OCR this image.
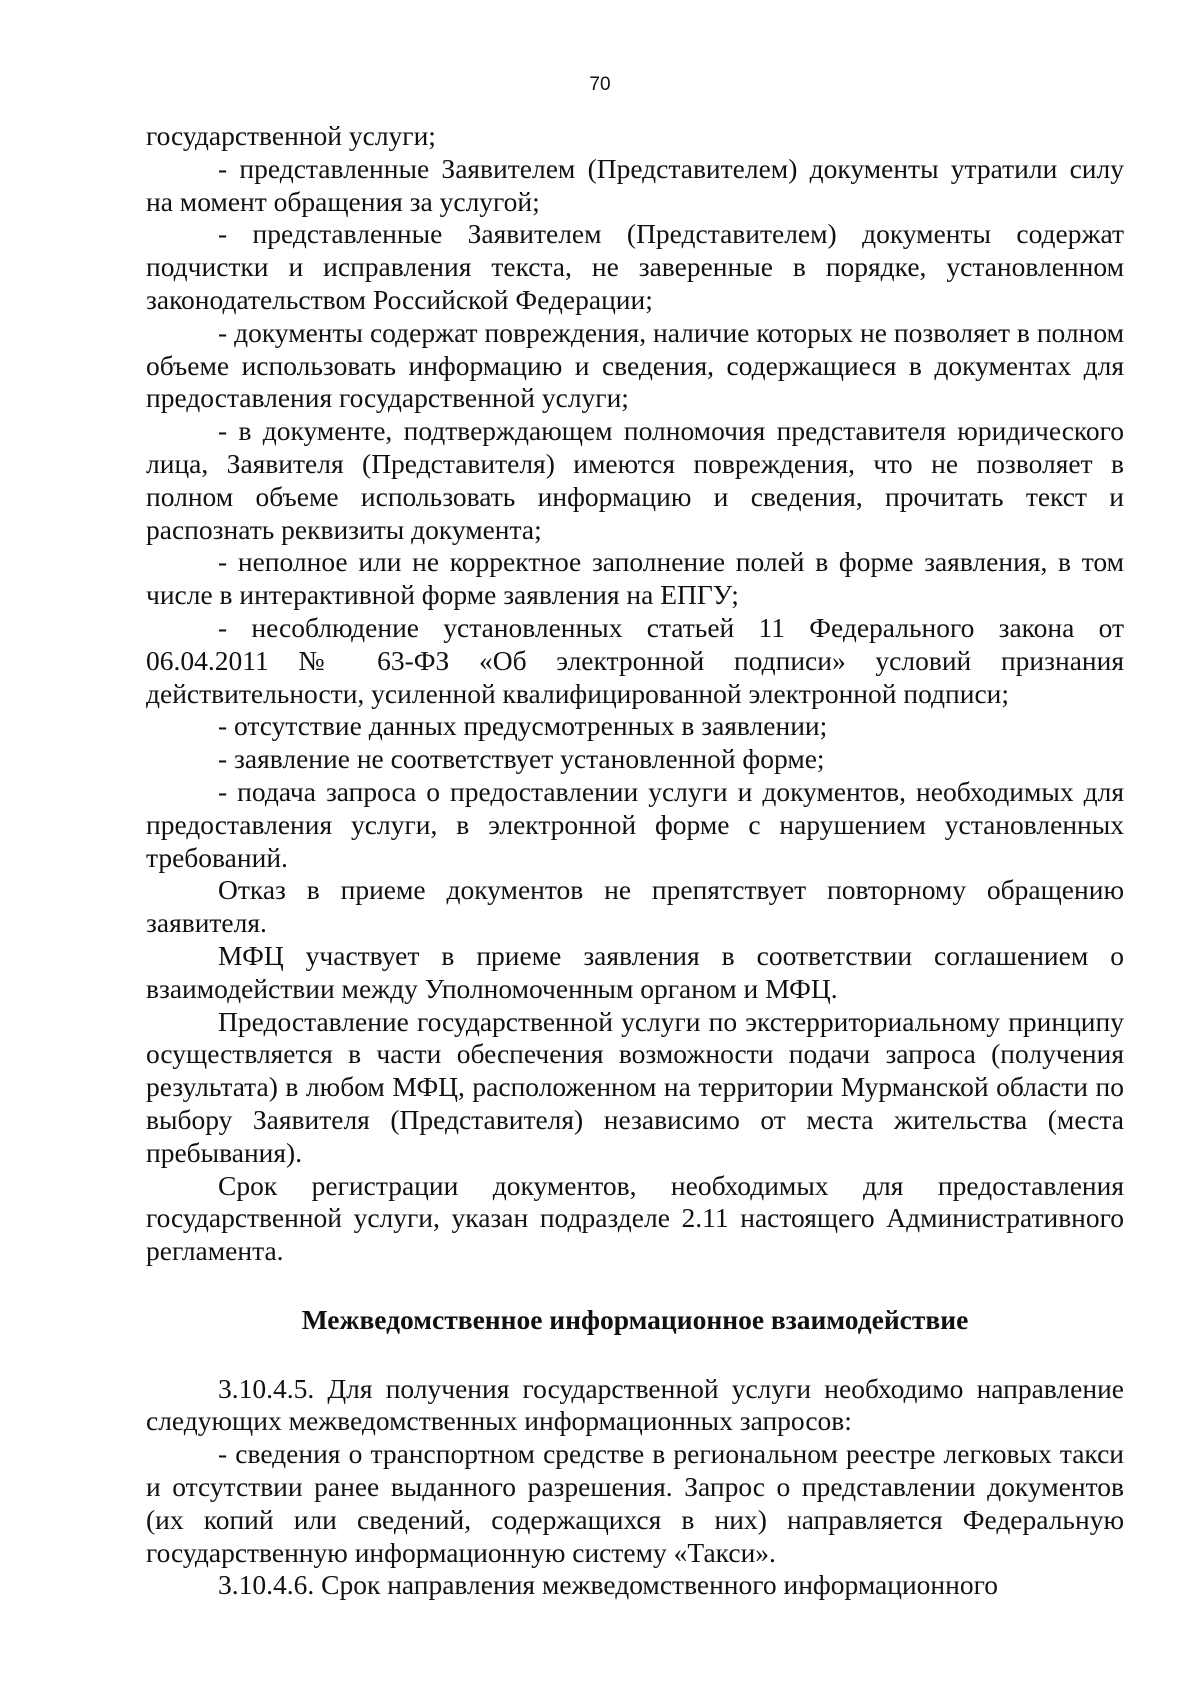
70

государственной услуги;

- представленные Заявителем (Представителем) документы утратили силу на момент обращения за услугой;

- представленные Заявителем (Представителем) документы содержат подчистки и исправления текста, не заверенные в порядке, установленном законодательством Российской Федерации;

- документы содержат повреждения, наличие которых не позволяет в полном объеме использовать информацию и сведения, содержащиеся в документах для предоставления государственной услуги;

- в документе, подтверждающем полномочия представителя юридического лица, Заявителя (Представителя) имеются повреждения, что не позволяет в полном объеме использовать информацию и сведения, прочитать текст и распознать реквизиты документа;

- неполное или не корректное заполнение полей в форме заявления, в том числе в интерактивной форме заявления на ЕПГУ;

- несоблюдение установленных статьей 11 Федерального закона от 06.04.2011 № 63-ФЗ «Об электронной подписи» условий признания действительности, усиленной квалифицированной электронной подписи;

- отсутствие данных предусмотренных в заявлении;

- заявление не соответствует установленной форме;

- подача запроса о предоставлении услуги и документов, необходимых для предоставления услуги, в электронной форме с нарушением установленных требований.

Отказ в приеме документов не препятствует повторному обращению заявителя.

МФЦ участвует в приеме заявления в соответствии соглашением о взаимодействии между Уполномоченным органом и МФЦ.

Предоставление государственной услуги по экстерриториальному принципу осуществляется в части обеспечения возможности подачи запроса (получения результата) в любом МФЦ, расположенном на территории Мурманской области по выбору Заявителя (Представителя) независимо от места жительства (места пребывания).

Срок регистрации документов, необходимых для предоставления государственной услуги, указан подразделе 2.11 настоящего Административного регламента.

Межведомственное информационное взаимодействие

3.10.4.5. Для получения государственной услуги необходимо направление следующих межведомственных информационных запросов:

- сведения о транспортном средстве в региональном реестре легковых такси и отсутствии ранее выданного разрешения. Запрос о представлении документов (их копий или сведений, содержащихся в них) направляется Федеральную государственную информационную систему «Такси».

3.10.4.6. Срок направления межведомственного информационного
